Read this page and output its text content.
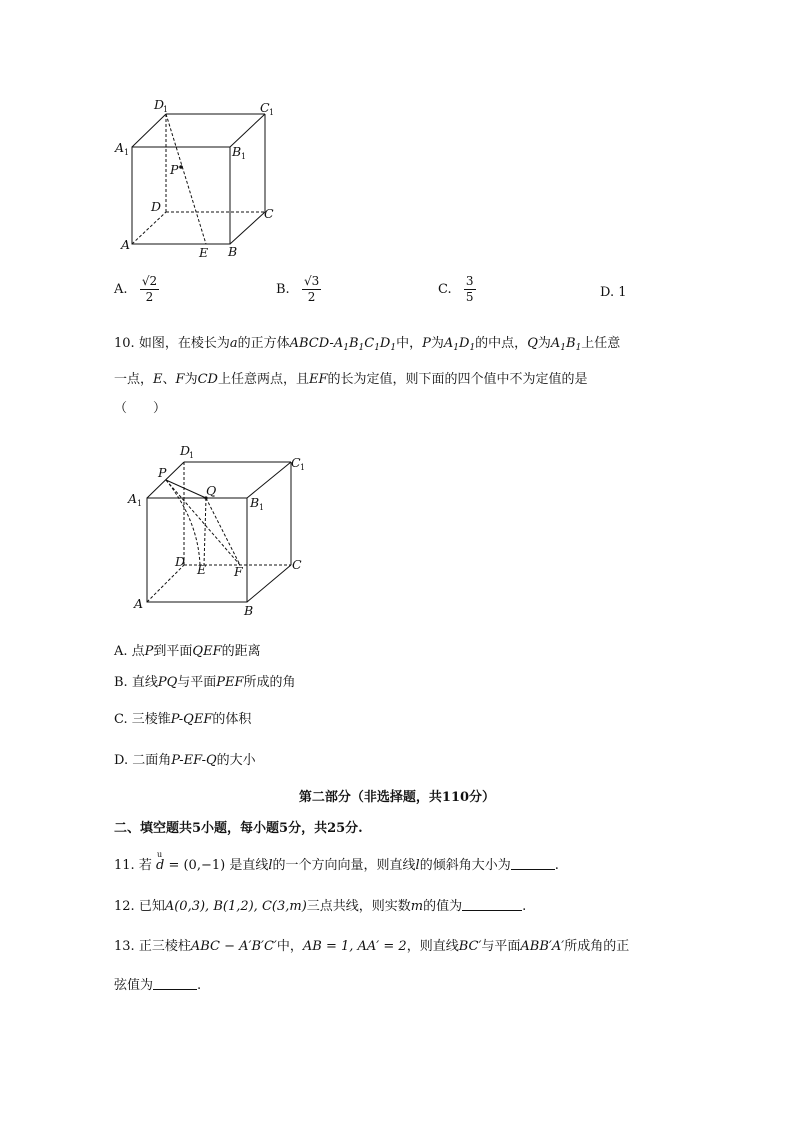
D
1	C 1
A 1	B 1
P
D	C
A
E B
A. $\frac{√2}{2}$	B. $\frac{√3}{2}$	C. $\frac{3}{5}$	D. 1
10. 如图，在棱长为a的正方体ABCD-$A_1B_1C_1D_1$中，P为$A_1D_1$的中点，Q为$A_1B_1$上任意
一点，E、F为CD上任意两点，且EF的长为定值，则下面的四个值中不为定值的是
（　　）
D
1	C 1
A 1	B 1
P
Q
D
E F	C
A	B
A. 点P到平面QEF的距离
B. 直线PQ与平面PEF所成的角
C. 三棱锥P-QEF的体积
D. 二面角P-EF-Q的大小
第二部分（非选择题，共110分）
二、填空题共5小题，每小题5分，共25分.
11. 若 d
u
= (0,−1) 是直线l的一个方向向量，则直线l的倾斜角大小为	.
12. 已知A(0,3), B(1,2), C(3,m)三点共线，则实数m的值为	.
13. 正三棱柱ABC − A′B′C′中，AB = 1, AA′ = 2，则直线BC′与平面ABB′A′所成角的正
弦值为	.
